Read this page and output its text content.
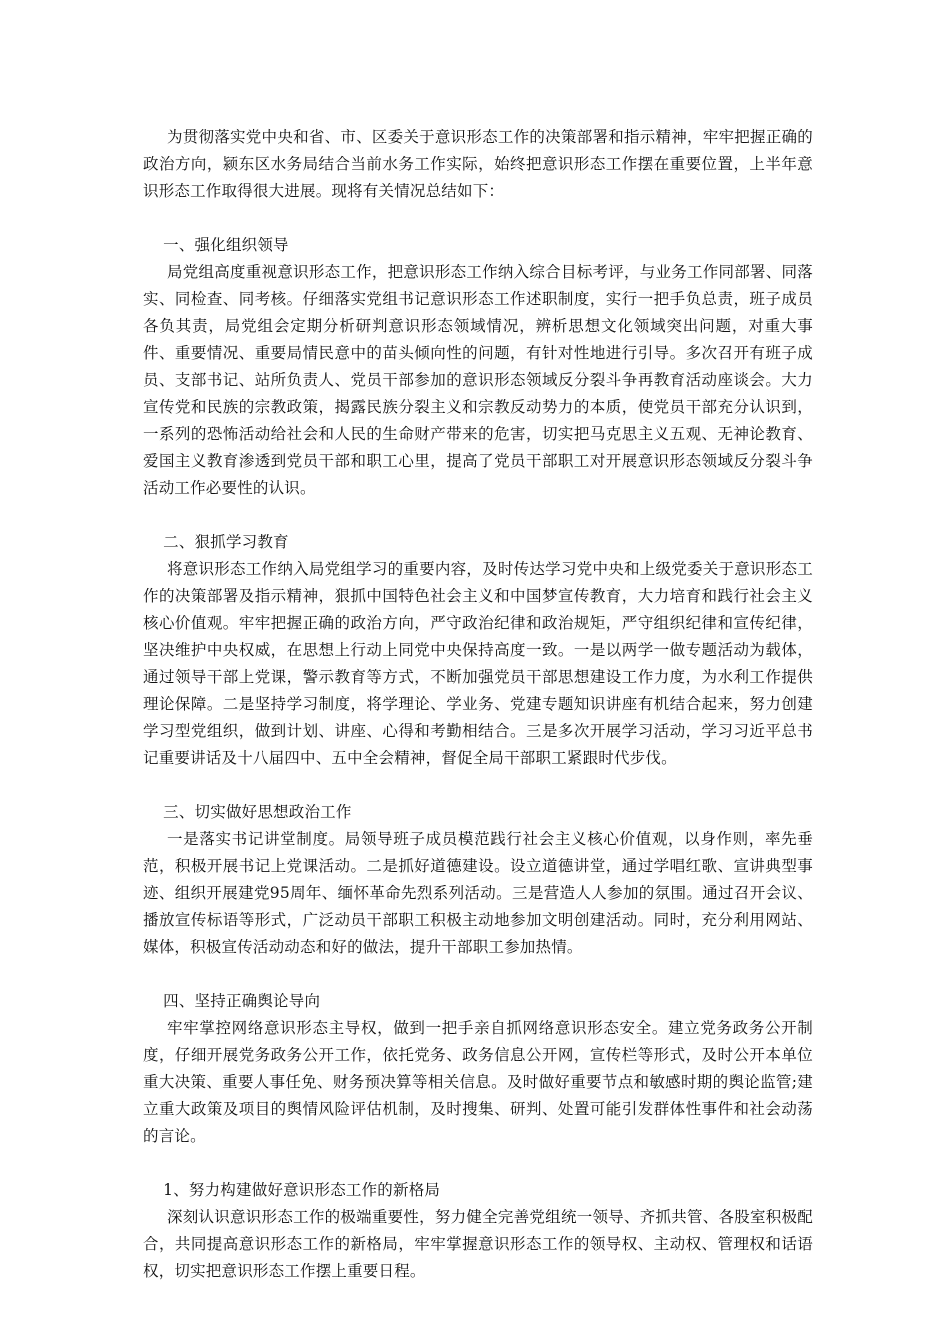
为贯彻落实党中央和省、市、区委关于意识形态工作的决策部署和指示精神，牢牢把握正确的政治方向，颍东区水务局结合当前水务工作实际，始终把意识形态工作摆在重要位置，上半年意识形态工作取得很大进展。现将有关情况总结如下：

一、强化组织领导

局党组高度重视意识形态工作，把意识形态工作纳入综合目标考评，与业务工作同部署、同落实、同检查、同考核。仔细落实党组书记意识形态工作述职制度，实行一把手负总责，班子成员各负其责，局党组会定期分析研判意识形态领域情况，辨析思想文化领域突出问题，对重大事件、重要情况、重要局情民意中的苗头倾向性的问题，有针对性地进行引导。多次召开有班子成员、支部书记、站所负责人、党员干部参加的意识形态领域反分裂斗争再教育活动座谈会。大力宣传党和民族的宗教政策，揭露民族分裂主义和宗教反动势力的本质，使党员干部充分认识到，一系列的恐怖活动给社会和人民的生命财产带来的危害，切实把马克思主义五观、无神论教育、爱国主义教育渗透到党员干部和职工心里，提高了党员干部职工对开展意识形态领域反分裂斗争活动工作必要性的认识。

二、狠抓学习教育

将意识形态工作纳入局党组学习的重要内容，及时传达学习党中央和上级党委关于意识形态工作的决策部署及指示精神，狠抓中国特色社会主义和中国梦宣传教育，大力培育和践行社会主义核心价值观。牢牢把握正确的政治方向，严守政治纪律和政治规矩，严守组织纪律和宣传纪律，坚决维护中央权威，在思想上行动上同党中央保持高度一致。一是以两学一做专题活动为载体，通过领导干部上党课，警示教育等方式，不断加强党员干部思想建设工作力度，为水利工作提供理论保障。二是坚持学习制度，将学理论、学业务、党建专题知识讲座有机结合起来，努力创建学习型党组织，做到计划、讲座、心得和考勤相结合。三是多次开展学习活动，学习习近平总书记重要讲话及十八届四中、五中全会精神，督促全局干部职工紧跟时代步伐。

三、切实做好思想政治工作

一是落实书记讲堂制度。局领导班子成员模范践行社会主义核心价值观，以身作则，率先垂范，积极开展书记上党课活动。二是抓好道德建设。设立道德讲堂，通过学唱红歌、宣讲典型事迹、组织开展建党95周年、缅怀革命先烈系列活动。三是营造人人参加的氛围。通过召开会议、播放宣传标语等形式，广泛动员干部职工积极主动地参加文明创建活动。同时，充分利用网站、媒体，积极宣传活动动态和好的做法，提升干部职工参加热情。

四、坚持正确舆论导向

牢牢掌控网络意识形态主导权，做到一把手亲自抓网络意识形态安全。建立党务政务公开制度，仔细开展党务政务公开工作，依托党务、政务信息公开网，宣传栏等形式，及时公开本单位重大决策、重要人事任免、财务预决算等相关信息。及时做好重要节点和敏感时期的舆论监管;建立重大政策及项目的舆情风险评估机制，及时搜集、研判、处置可能引发群体性事件和社会动荡的言论。

1、努力构建做好意识形态工作的新格局

深刻认识意识形态工作的极端重要性，努力健全完善党组统一领导、齐抓共管、各股室积极配合，共同提高意识形态工作的新格局，牢牢掌握意识形态工作的领导权、主动权、管理权和话语权，切实把意识形态工作摆上重要日程。
